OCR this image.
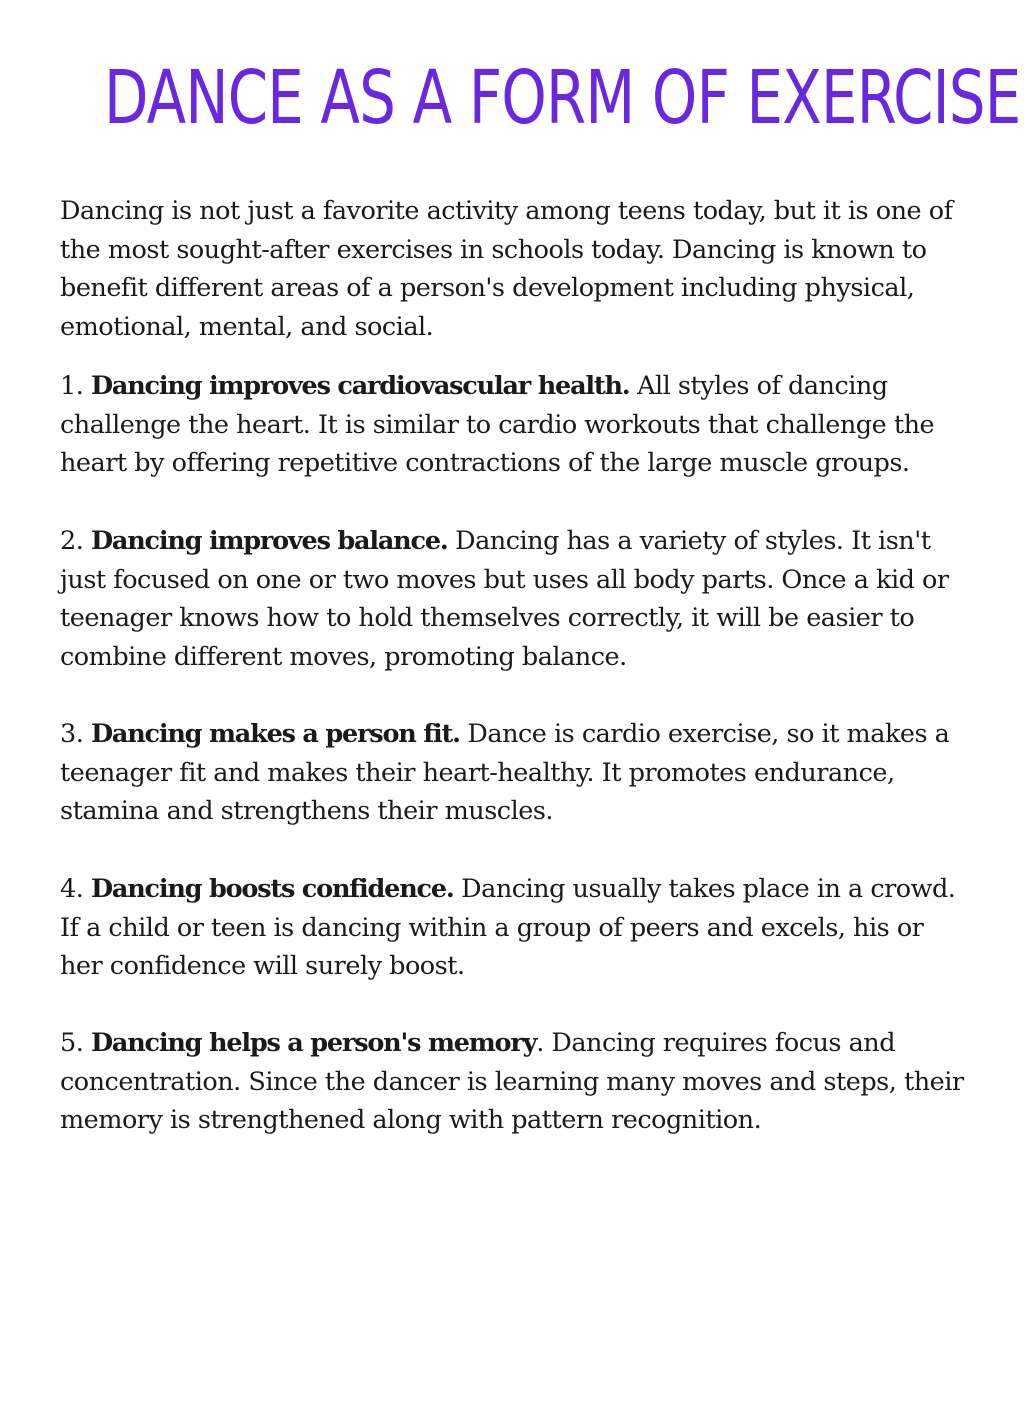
DANCE AS A FORM OF EXERCISE

Dancing is not just a favorite activity among teens today, but it is one of the most sought-after exercises in schools today. Dancing is known to benefit different areas of a person's development including physical, emotional, mental, and social.

1. Dancing improves cardiovascular health. All styles of dancing challenge the heart. It is similar to cardio workouts that challenge the heart by offering repetitive contractions of the large muscle groups.

2. Dancing improves balance. Dancing has a variety of styles. It isn't just focused on one or two moves but uses all body parts. Once a kid or teenager knows how to hold themselves correctly, it will be easier to combine different moves, promoting balance.

3. Dancing makes a person fit. Dance is cardio exercise, so it makes a teenager fit and makes their heart-healthy. It promotes endurance, stamina and strengthens their muscles.

4. Dancing boosts confidence. Dancing usually takes place in a crowd. If a child or teen is dancing within a group of peers and excels, his or her confidence will surely boost.

5. Dancing helps a person's memory. Dancing requires focus and concentration. Since the dancer is learning many moves and steps, their memory is strengthened along with pattern recognition.
